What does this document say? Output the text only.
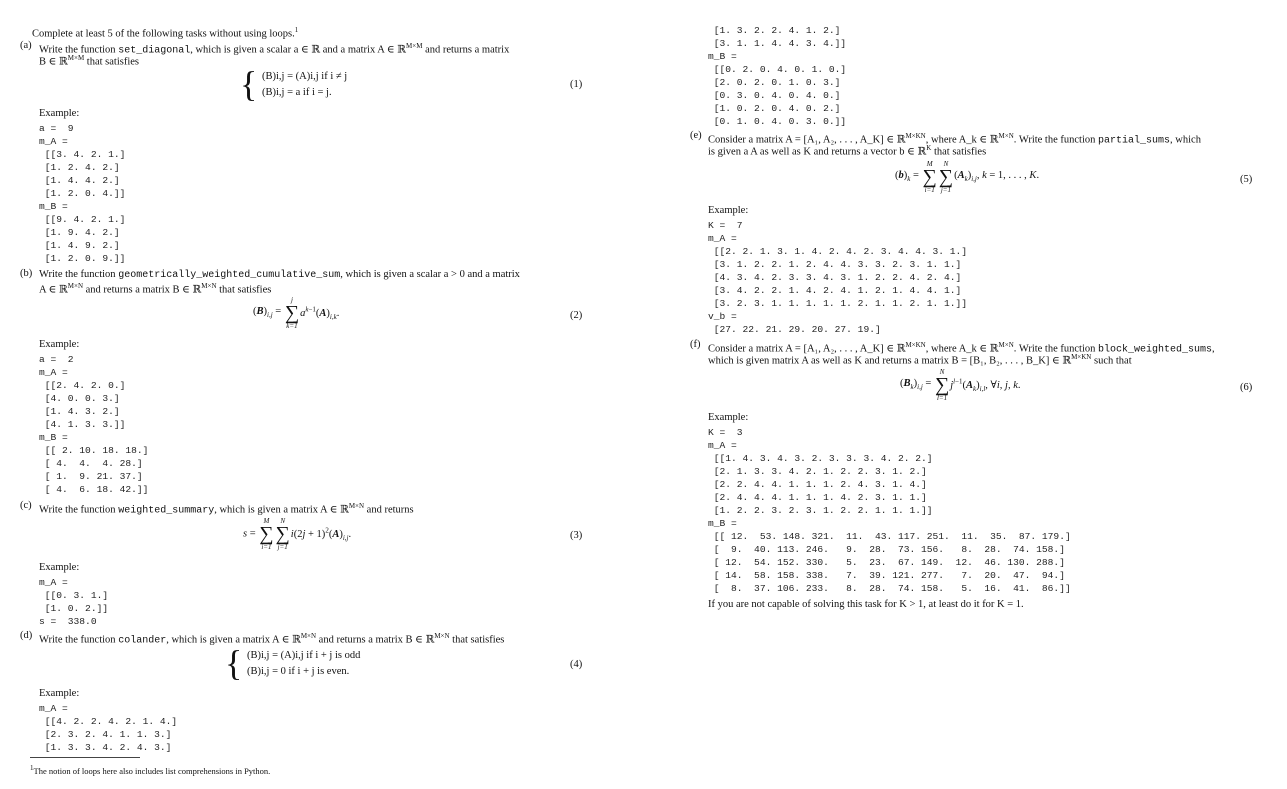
Complete at least 5 of the following tasks without using loops.$^1$
(a) Write the function set_diagonal, which is given a scalar a ∈ ℝ and a matrix A ∈ ℝ$^{M\times M}$ and returns a matrix
B ∈ ℝ$^{M\times M}$ that satisfies
{ (B)i,j = (A)i,j if i ≠ j
(B)i,j = a if i = j.
(1)
Example:
a =  9
m_A =
[[3. 4. 2. 1.]
[1. 2. 4. 2.]
[1. 4. 4. 2.]
[1. 2. 0. 4.]]
m_B =
[[9. 4. 2. 1.]
[1. 9. 4. 2.]
[1. 4. 9. 2.]
[1. 2. 0. 9.]]
(b) Write the function geometrically_weighted_cumulative_sum, which is given a scalar a > 0 and a matrix
A ∈ ℝ$^{M\times N}$ and returns a matrix B ∈ ℝ$^{M\times N}$ that satisfies
$(B)_{i,j}$ =
j
∑
k=1
$a^{k-1}(A)_{i,k}$.	(2)
Example:
a =  2
m_A =
[[2. 4. 2. 0.]
[4. 0. 0. 3.]
[1. 4. 3. 2.]
[4. 1. 3. 3.]]
m_B =
[[ 2. 10. 18. 18.]
[ 4.  4.  4. 28.]
[ 1.  9. 21. 37.]
[ 4.  6. 18. 42.]]
(c) Write the function weighted_summary, which is given a matrix A ∈ ℝ$^{M\times N}$ and returns
s =
M
∑
i=1
N
∑
j=1
$i(2j + 1)^2(A)_{i,j}$.	(3)
Example:
m_A =
[[0. 3. 1.]
[1. 0. 2.]]
s =  338.0
(d) Write the function colander, which is given a matrix A ∈ ℝ$^{M\times N}$ and returns a matrix B ∈ ℝ$^{M\times N}$ that satisfies
{ (B)i,j = (A)i,j if i + j is odd
(B)i,j = 0 if i + j is even.
(4)
Example:
m_A =
[[4. 2. 2. 4. 2. 1. 4.]
[2. 3. 2. 4. 1. 1. 3.]
[1. 3. 3. 4. 2. 4. 3.]
$^1$The notion of loops here also includes list comprehensions in Python.
[1. 3. 2. 2. 4. 1. 2.]
[3. 1. 1. 4. 4. 3. 4.]]
m_B =
[[0. 2. 0. 4. 0. 1. 0.]
[2. 0. 2. 0. 1. 0. 3.]
[0. 3. 0. 4. 0. 4. 0.]
[1. 0. 2. 0. 4. 0. 2.]
[0. 1. 0. 4. 0. 3. 0.]]
(e) Consider a matrix A = [A₁, A₂, . . . , A_K] ∈ ℝ$^{M\times KN}$, where A_k ∈ ℝ$^{M\times N}$. Write the function partial_sums, which
is given a A as well as K and returns a vector b ∈ ℝ$^K$ that satisfies
$(b)_k$ =
M
∑
i=1
N
∑
j=1
$(A_k)_{i,j}$, k = 1, . . . , K.	(5)
Example:
K =  7
m_A =
[[2. 2. 1. 3. 1. 4. 2. 4. 2. 3. 4. 4. 3. 1.]
[3. 1. 2. 2. 1. 2. 4. 4. 3. 3. 2. 3. 1. 1.]
[4. 3. 4. 2. 3. 3. 4. 3. 1. 2. 2. 4. 2. 4.]
[3. 4. 2. 2. 1. 4. 2. 4. 1. 2. 1. 4. 4. 1.]
[3. 2. 3. 1. 1. 1. 1. 1. 2. 1. 1. 2. 1. 1.]]
v_b =
[27. 22. 21. 29. 20. 27. 19.]
(f) Consider a matrix A = [A₁, A₂, . . . , A_K] ∈ ℝ$^{M\times KN}$, where A_k ∈ ℝ$^{M\times N}$. Write the function block_weighted_sums,
which is given matrix A as well as K and returns a matrix B = [B₁, B₂, . . . , B_K] ∈ ℝ$^{M\times KN}$ such that
$(B_k)_{i,j}$ =
N
∑
l=1
$j^{l-1}(A_k)_{i,l}$, ∀i, j, k.	(6)
Example:
K =  3
m_A =
[[1. 4. 3. 4. 3. 2. 3. 3. 3. 4. 2. 2.]
[2. 1. 3. 3. 4. 2. 1. 2. 2. 3. 1. 2.]
[2. 2. 4. 4. 1. 1. 1. 2. 4. 3. 1. 4.]
[2. 4. 4. 4. 1. 1. 1. 4. 2. 3. 1. 1.]
[1. 2. 2. 3. 2. 3. 1. 2. 2. 1. 1. 1.]]
m_B =
[[ 12.  53. 148. 321.  11.  43. 117. 251.  11.  35.  87. 179.]
[  9.  40. 113. 246.   9.  28.  73. 156.   8.  28.  74. 158.]
[ 12.  54. 152. 330.   5.  23.  67. 149.  12.  46. 130. 288.]
[ 14.  58. 158. 338.   7.  39. 121. 277.   7.  20.  47.  94.]
[  8.  37. 106. 233.   8.  28.  74. 158.   5.  16.  41.  86.]]
If you are not capable of solving this task for K > 1, at least do it for K = 1.
